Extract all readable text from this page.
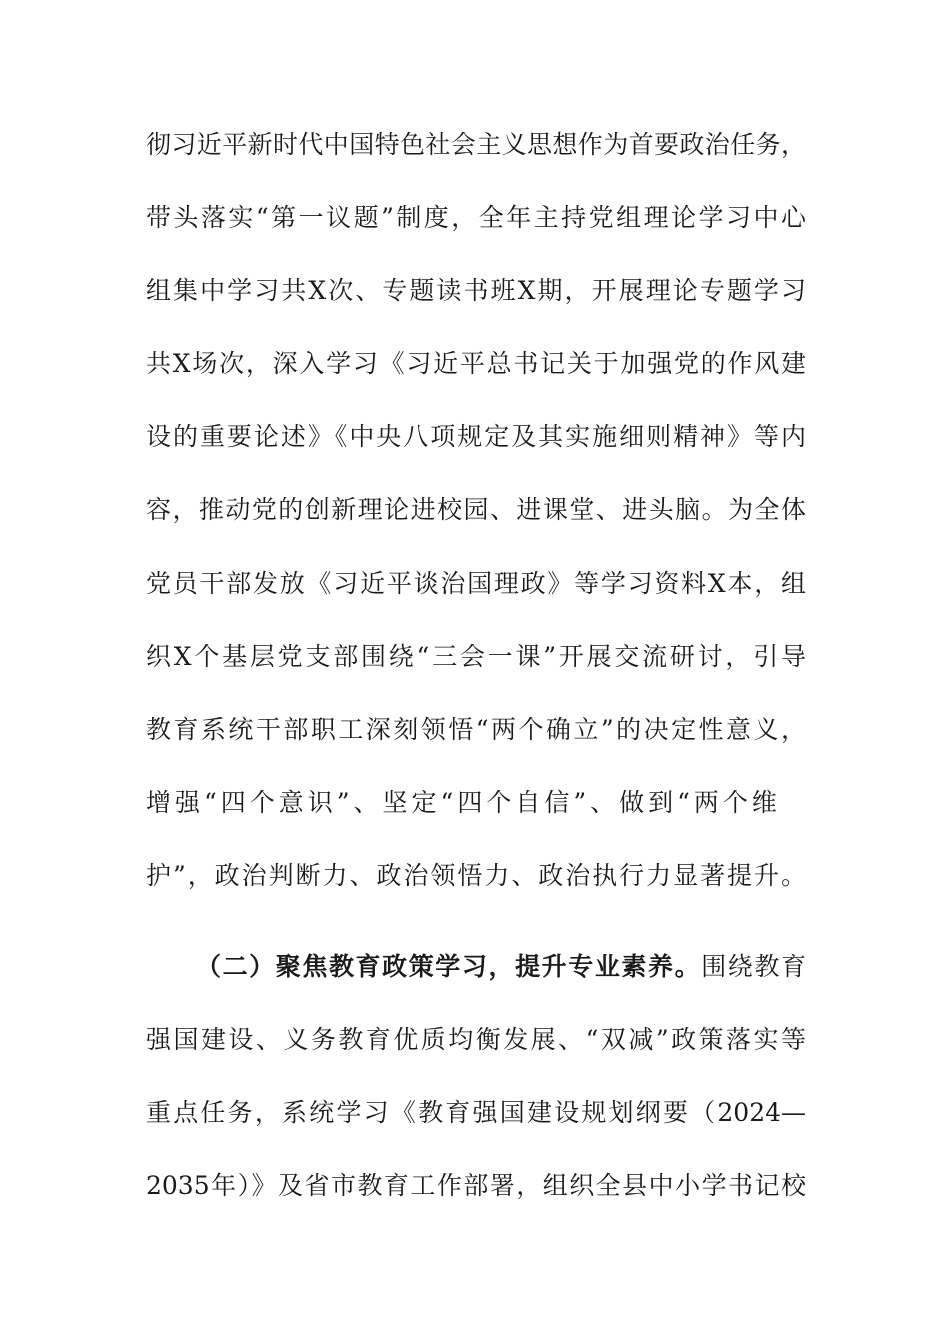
彻习近平新时代中国特色社会主义思想作为首要政治任务，
带头落实“第一议题”制度，全年主持党组理论学习中心
组集中学习共X次、专题读书班X期，开展理论专题学习
共X场次，深入学习《习近平总书记关于加强党的作风建
设的重要论述》《中央八项规定及其实施细则精神》等内
容，推动党的创新理论进校园、进课堂、进头脑。为全体
党员干部发放《习近平谈治国理政》等学习资料X本，组
织X个基层党支部围绕“三会一课”开展交流研讨，引导
教育系统干部职工深刻领悟“两个确立”的决定性意义，
增强“四个意识”、坚定“四个自信”、做到“两个维
护”，政治判断力、政治领悟力、政治执行力显著提升。
（二）聚焦教育政策学习，提升专业素养。围绕教育
强国建设、义务教育优质均衡发展、“双减”政策落实等
重点任务，系统学习《教育强国建设规划纲要（2024—
2035年）》及省市教育工作部署，组织全县中小学书记校
